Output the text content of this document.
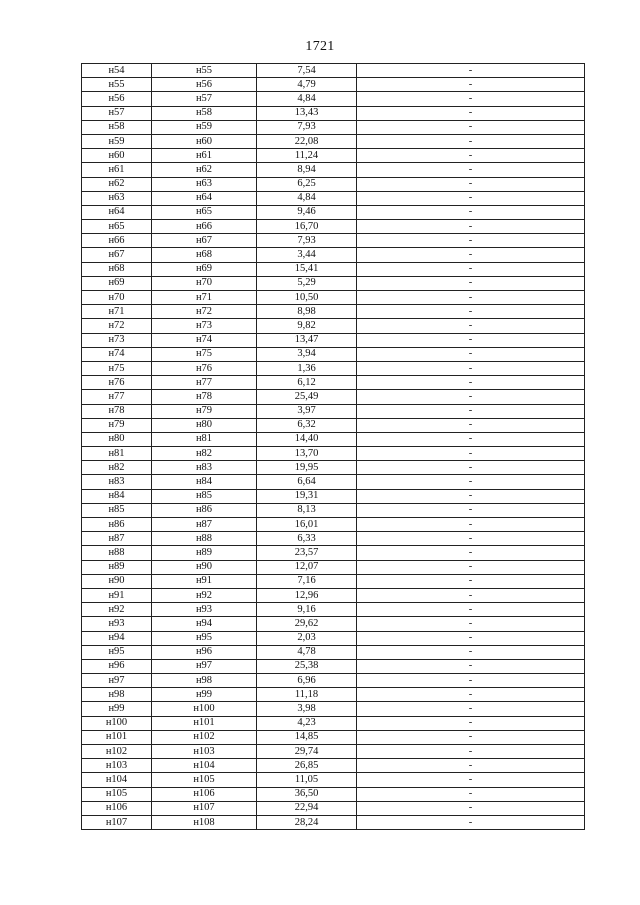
1721
н54	н55	7,54	-
н55	н56	4,79	-
н56	н57	4,84	-
н57	н58	13,43	-
н58	н59	7,93	-
н59	н60	22,08	-
н60	н61	11,24	-
н61	н62	8,94	-
н62	н63	6,25	-
н63	н64	4,84	-
н64	н65	9,46	-
н65	н66	16,70	-
н66	н67	7,93	-
н67	н68	3,44	-
н68	н69	15,41	-
н69	н70	5,29	-
н70	н71	10,50	-
н71	н72	8,98	-
н72	н73	9,82	-
н73	н74	13,47	-
н74	н75	3,94	-
н75	н76	1,36	-
н76	н77	6,12	-
н77	н78	25,49	-
н78	н79	3,97	-
н79	н80	6,32	-
н80	н81	14,40	-
н81	н82	13,70	-
н82	н83	19,95	-
н83	н84	6,64	-
н84	н85	19,31	-
н85	н86	8,13	-
н86	н87	16,01	-
н87	н88	6,33	-
н88	н89	23,57	-
н89	н90	12,07	-
н90	н91	7,16	-
н91	н92	12,96	-
н92	н93	9,16	-
н93	н94	29,62	-
н94	н95	2,03	-
н95	н96	4,78	-
н96	н97	25,38	-
н97	н98	6,96	-
н98	н99	11,18	-
н99	н100	3,98	-
н100	н101	4,23	-
н101	н102	14,85	-
н102	н103	29,74	-
н103	н104	26,85	-
н104	н105	11,05	-
н105	н106	36,50	-
н106	н107	22,94	-
н107	н108	28,24	-
